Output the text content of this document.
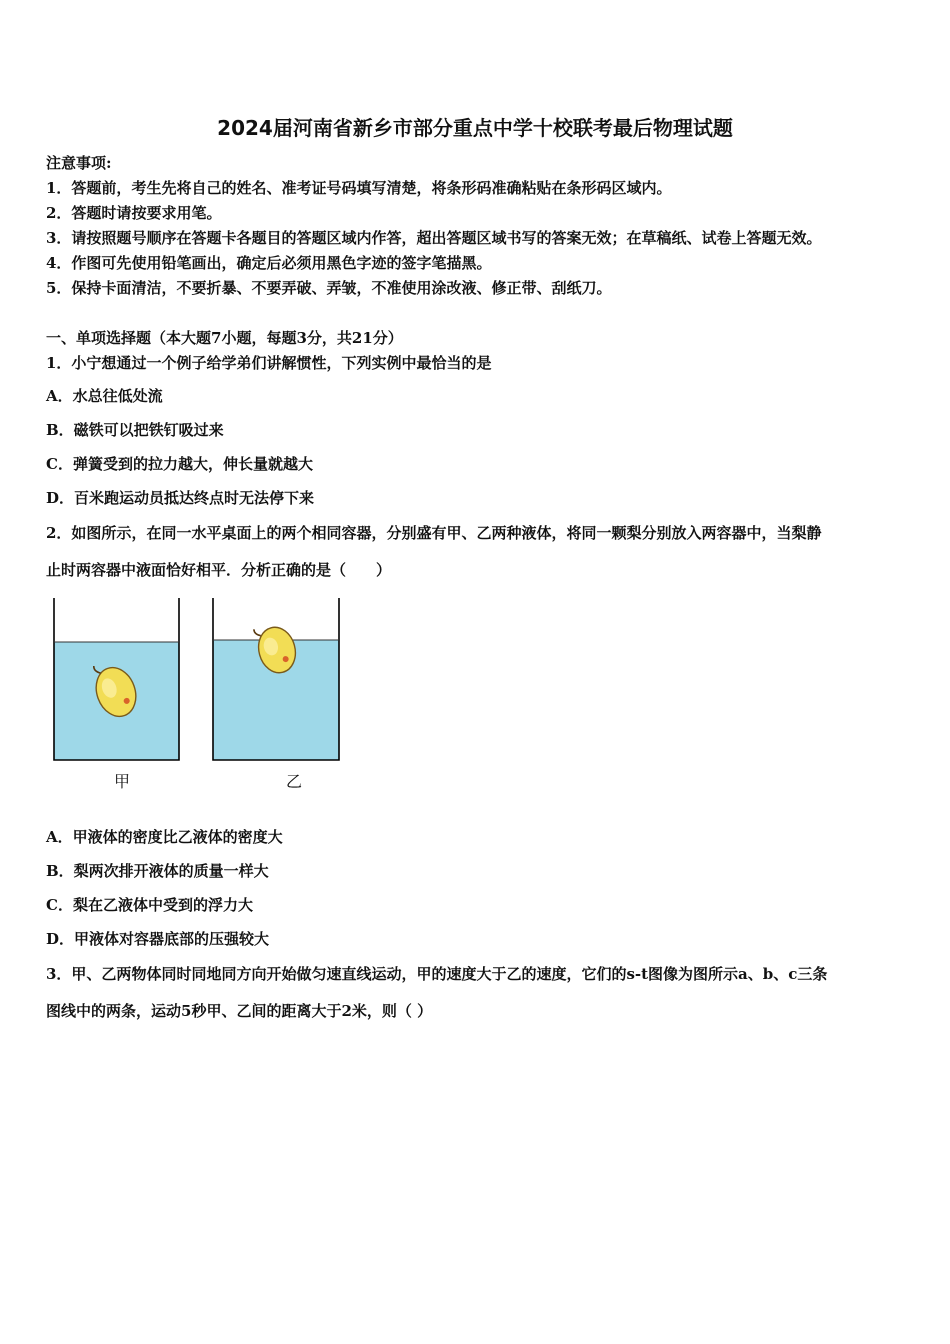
2024届河南省新乡市部分重点中学十校联考最后物理试题
注意事项:
1．答题前，考生先将自己的姓名、准考证号码填写清楚，将条形码准确粘贴在条形码区域内。
2．答题时请按要求用笔。
3．请按照题号顺序在答题卡各题目的答题区域内作答，超出答题区域书写的答案无效；在草稿纸、试卷上答题无效。
4．作图可先使用铅笔画出，确定后必须用黑色字迹的签字笔描黑。
5．保持卡面清洁，不要折暴、不要弄破、弄皱，不准使用涂改液、修正带、刮纸刀。
一、单项选择题（本大题7小题，每题3分，共21分）
1．小宁想通过一个例子给学弟们讲解惯性，下列实例中最恰当的是
A．水总往低处流
B．磁铁可以把铁钉吸过来
C．弹簧受到的拉力越大，伸长量就越大
D．百米跑运动员抵达终点时无法停下来
2．如图所示，在同一水平桌面上的两个相同容器，分别盛有甲、乙两种液体，将同一颗梨分别放入两容器中，当梨静
止时两容器中液面恰好相平．分析正确的是（　　）
甲	乙
A．甲液体的密度比乙液体的密度大
B．梨两次排开液体的质量一样大
C．梨在乙液体中受到的浮力大
D．甲液体对容器底部的压强较大
3．甲、乙两物体同时同地同方向开始做匀速直线运动，甲的速度大于乙的速度，它们的s-t图像为图所示a、b、c三条
图线中的两条，运动5秒甲、乙间的距离大于2米，则（ ）
